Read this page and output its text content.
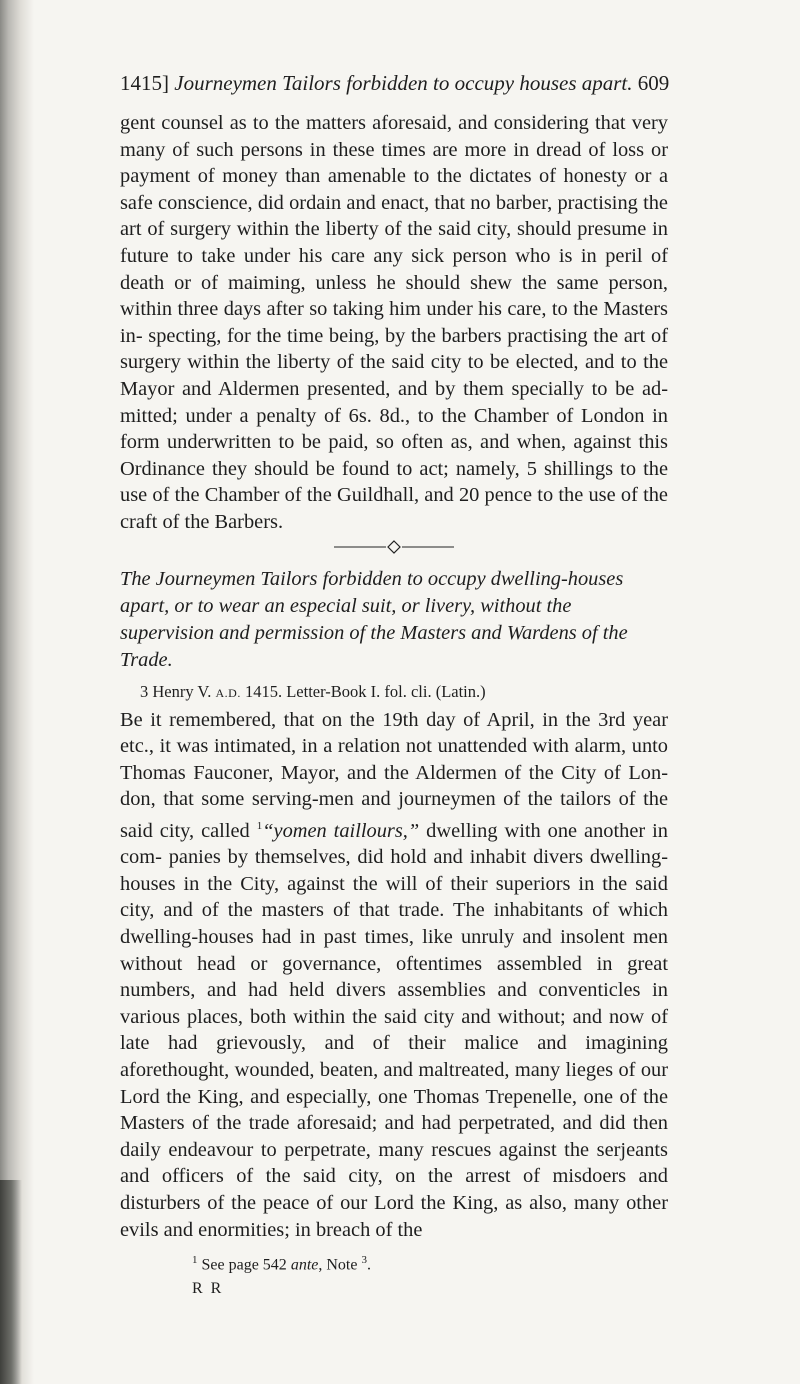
1415] Journeymen Tailors forbidden to occupy houses apart. 609

gent counsel as to the matters aforesaid, and considering that very many of such persons in these times are more in dread of loss or payment of money than amenable to the dictates of honesty or a safe conscience, did ordain and enact, that no barber, practising the art of surgery within the liberty of the said city, should presume in future to take under his care any sick person who is in peril of death or of maiming, unless he should shew the same person, within three days after so taking him under his care, to the Masters in- specting, for the time being, by the barbers practising the art of surgery within the liberty of the said city to be elected, and to the Mayor and Aldermen presented, and by them specially to be ad- mitted; under a penalty of 6s. 8d., to the Chamber of London in form underwritten to be paid, so often as, and when, against this Ordinance they should be found to act; namely, 5 shillings to the use of the Chamber of the Guildhall, and 20 pence to the use of the craft of the Barbers.

The Journeymen Tailors forbidden to occupy dwelling-houses apart, or to wear an especial suit, or livery, without the supervision and permission of the Masters and Wardens of the Trade.

3 Henry V. A.D. 1415. Letter-Book I. fol. cli. (Latin.)

Be it remembered, that on the 19th day of April, in the 3rd year etc., it was intimated, in a relation not unattended with alarm, unto Thomas Fauconer, Mayor, and the Aldermen of the City of Lon- don, that some serving-men and journeymen of the tailors of the said city, called $^1$“yomen taillours,” dwelling with one another in com- panies by themselves, did hold and inhabit divers dwelling-houses in the City, against the will of their superiors in the said city, and of the masters of that trade. The inhabitants of which dwelling-houses had in past times, like unruly and insolent men without head or governance, oftentimes assembled in great numbers, and had held divers assemblies and conventicles in various places, both within the said city and without; and now of late had grievously, and of their malice and imagining aforethought, wounded, beaten, and maltreated, many lieges of our Lord the King, and especially, one Thomas Trepenelle, one of the Masters of the trade aforesaid; and had perpetrated, and did then daily endeavour to perpetrate, many rescues against the serjeants and officers of the said city, on the arrest of misdoers and disturbers of the peace of our Lord the King, as also, many other evils and enormities; in breach of the

$^1$ See page 542 ante, Note $^3$.
R R
